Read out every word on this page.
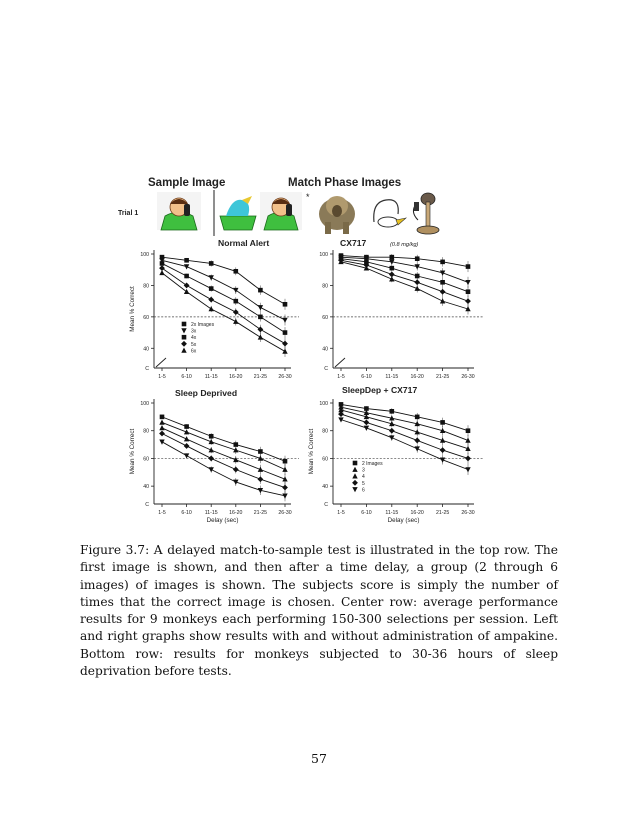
Sample Image	Match Phase Images
Trial 1
*
Normal Alert
100
80
60
40
C
1-5	6-10 11-15 16-20 21-25 26-30
Mean % Correct	2x Images
3x
4x
5x
6x
CX717	(0.8 mg/kg)
100
80
60
40
C
1-5	6-10	11-15 16-20 21-25 26-30
Sleep Deprived
100
80
60
40
C
1-5	6-10 11-15 16-20 21-25 26-30
Mean % Correct
Delay (sec)
SleepDep + CX717
100
80
60
40
C
1-5	6-10	11-15 16-20 21-25 26-30
Mean % Correct
Delay (sec)
2 Images
3
4
5
6
Figure 3.7: A delayed match-to-sample test is illustrated in the top row. The first image is shown, and then after a time delay, a group (2 through 6 images) of images is shown. The subjects score is simply the number of times that the correct image is chosen. Center row: average performance results for 9 monkeys each performing 150-300 selections per session. Left and right graphs show results with and without administration of ampakine. Bottom row: results for monkeys subjected to 30-36 hours of sleep deprivation before tests.
57
